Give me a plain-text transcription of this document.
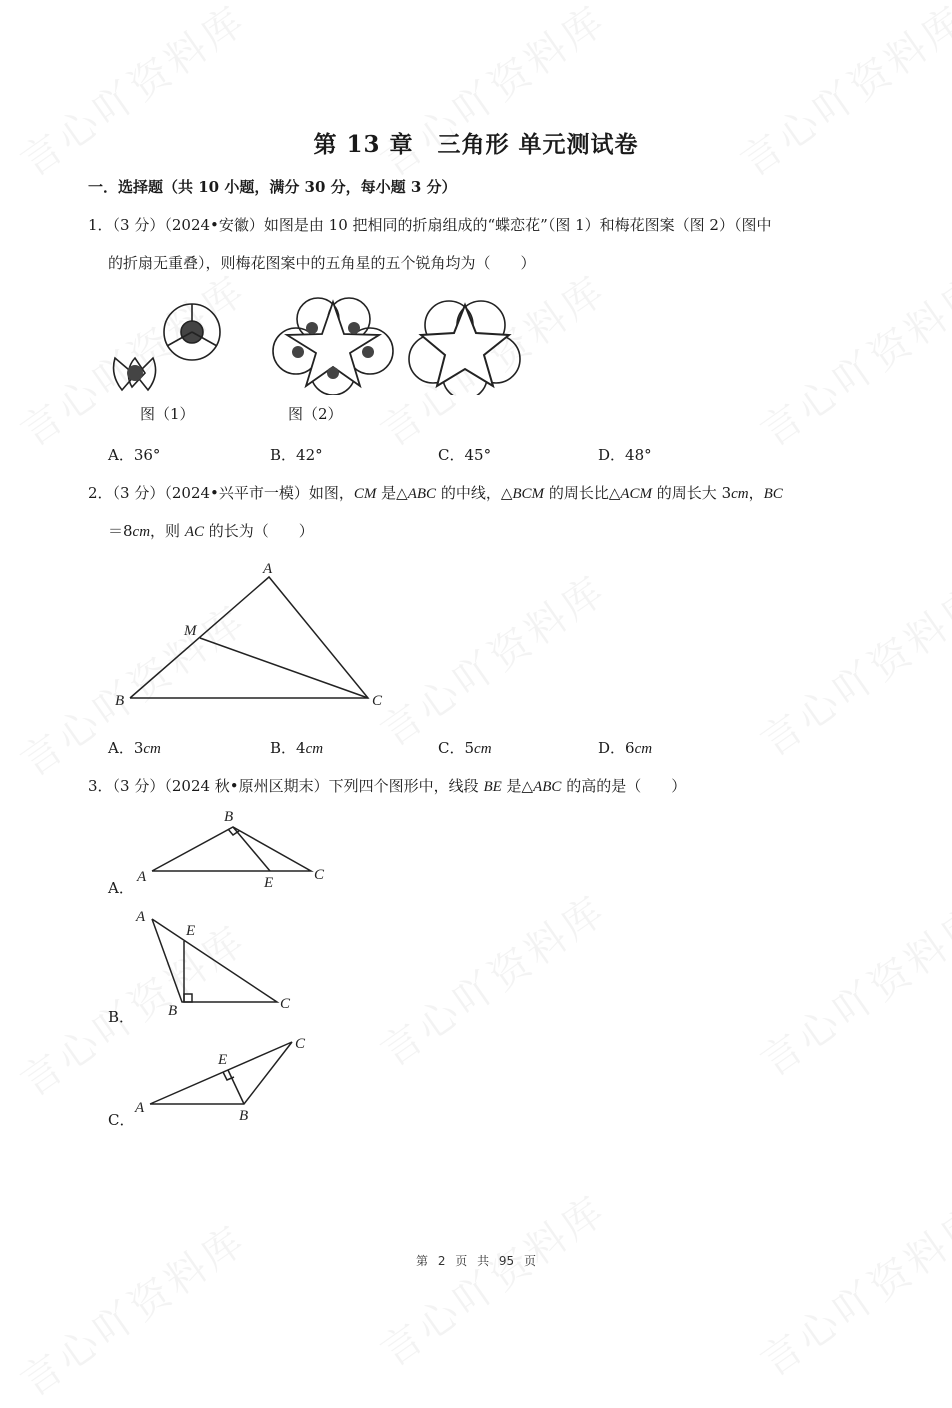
第 13 章　三角形 单元测试卷
一．选择题（共 10 小题，满分 30 分，每小题 3 分）
1．（3 分）（2024•安徽）如图是由 10 把相同的折扇组成的“蝶恋花”（图 1）和梅花图案（图 2）（图中
的折扇无重叠），则梅花图案中的五角星的五个锐角均为（　　）
图（1）	图（2）
A．36°	B．42°	C．45°	D．48°
2．（3 分）（2024•兴平市一模）如图，CM 是△ABC 的中线，△BCM 的周长比△ACM 的周长大 3cm，BC
＝8cm，则 AC 的长为（　　）
A
M
B	C
A．3cm	B．4cm	C．5cm	D．6cm
3．（3 分）（2024 秋•原州区期末）下列四个图形中，线段 BE 是△ABC 的高的是（　　）
A．
B
A	E	C
B．
A
E
B	C
C．
E
C
A	B
第 2 页 共 95 页
